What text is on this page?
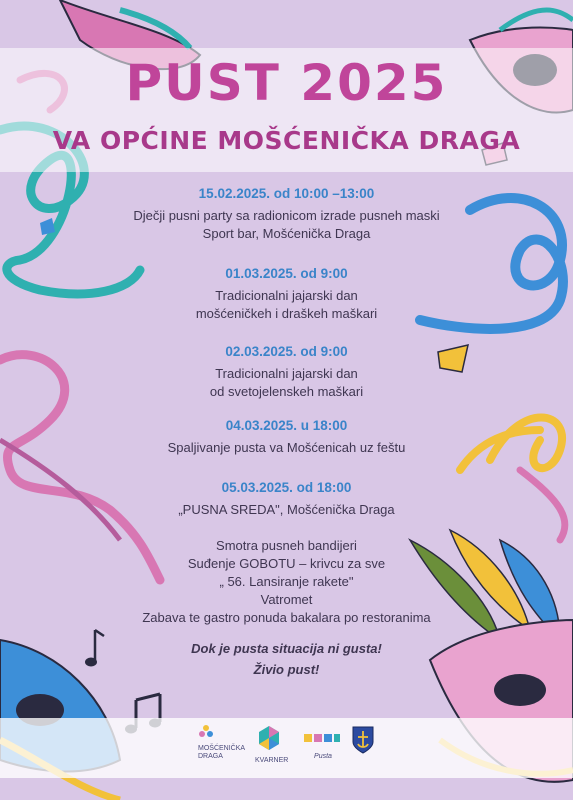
PUST 2025
VA OPĆINE MOŠĆENIČKA DRAGA
15.02.2025. od 10:00 –13:00
Dječji pusni party sa radionicom izrade pusneh maski
Sport bar, Mošćenička Draga
01.03.2025. od 9:00
Tradicionalni jajarski dan
mošćeničkeh i draškeh maškari
02.03.2025. od 9:00
Tradicionalni jajarski dan
od svetojelenskeh maškari
04.03.2025. u 18:00
Spaljivanje pusta va Mošćenicah uz feštu
05.03.2025. od 18:00
„PUSNA SREDA", Mošćenička Draga

Smotra pusneh bandijeri
Suđenje GOBOTU – krivcu za sve
„ 56. Lansiranje rakete"
Vatromet
Zabava te gastro ponuda bakalara po restoranima
Dok je pusta situacija ni gusta!
Živio pust!
MOŠĆENIČKA
DRAGA
KVARNER
Pusta
